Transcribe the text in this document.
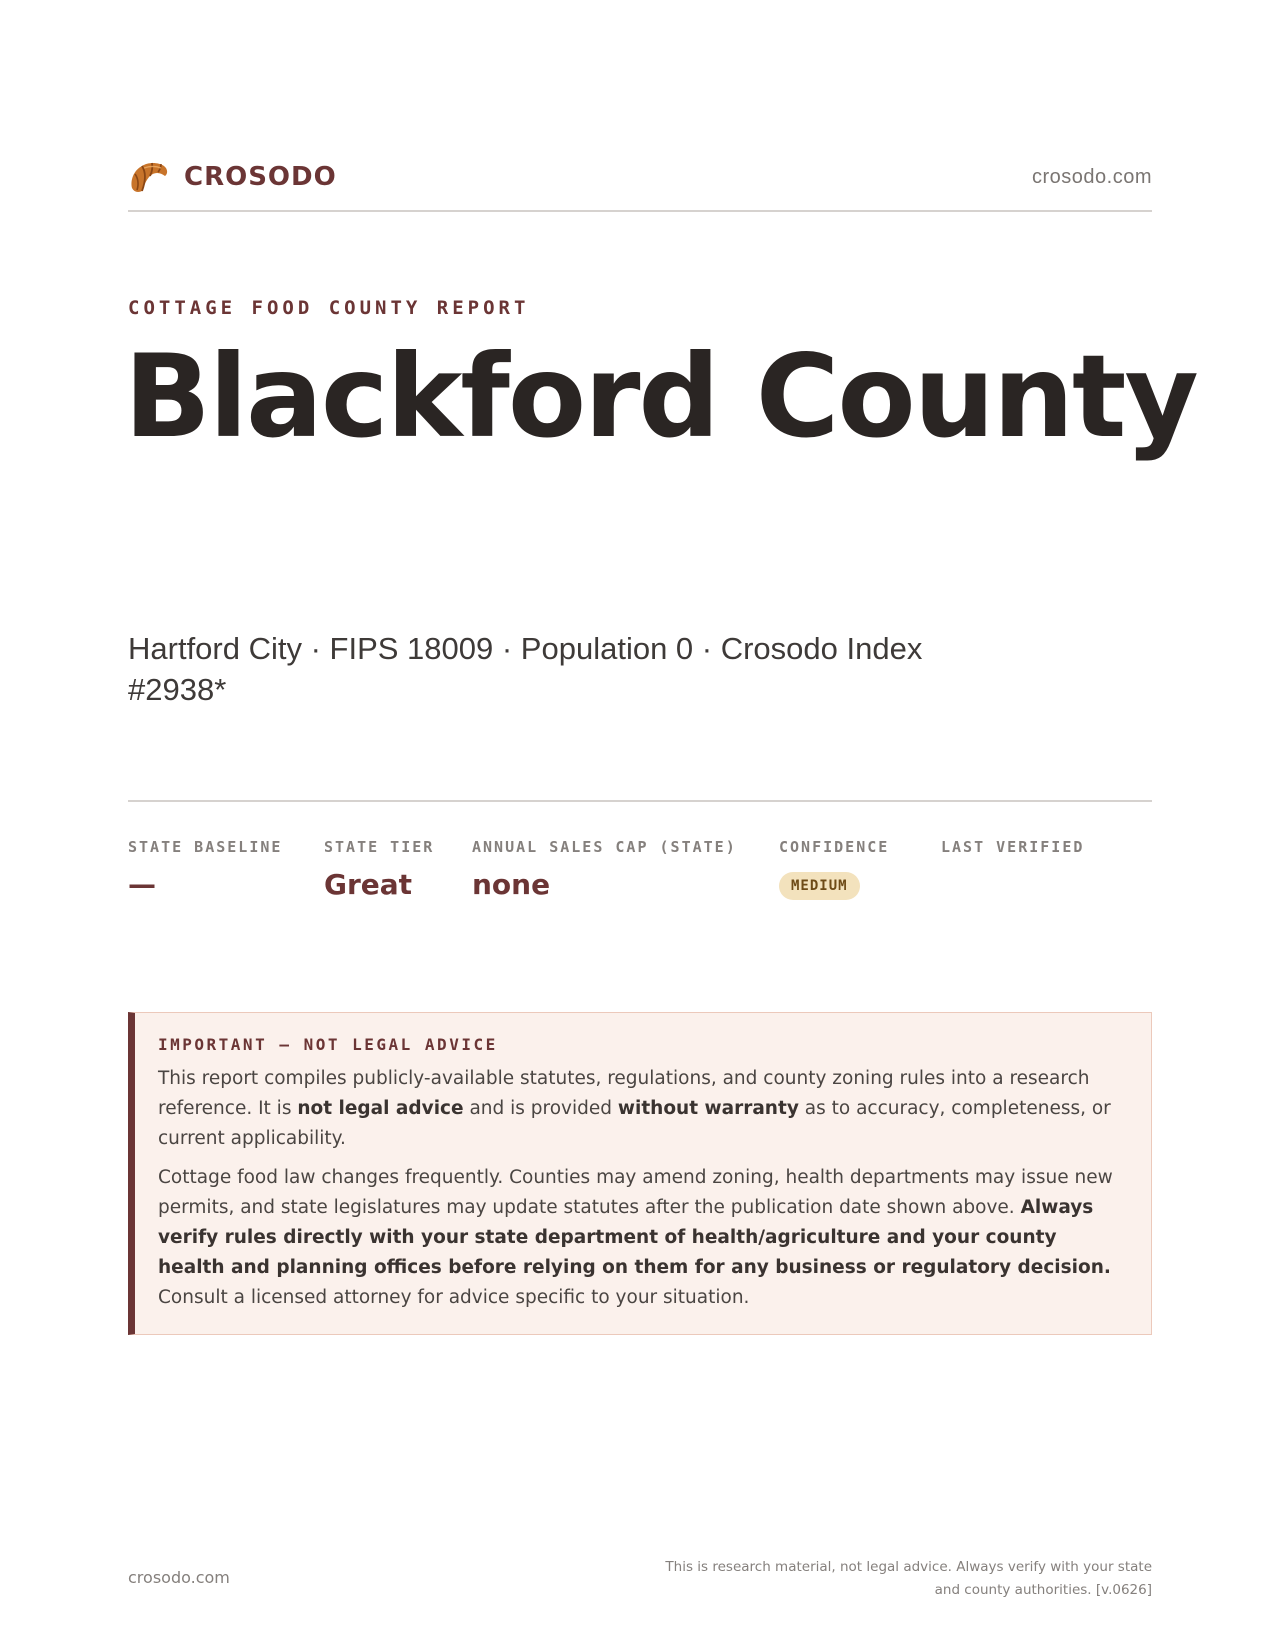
CROSODO	crosodo.com
COTTAGE FOOD COUNTY REPORT
Blackford County
Hartford City · FIPS 18009 · Population 0 · Crosodo Index #2938*
STATE BASELINE
—
STATE TIER
Great
ANNUAL SALES CAP (STATE)
none
CONFIDENCE
MEDIUM
LAST VERIFIED
IMPORTANT — NOT LEGAL ADVICE

This report compiles publicly-available statutes, regulations, and county zoning rules into a research reference. It is not legal advice and is provided without warranty as to accuracy, completeness, or current applicability.

Cottage food law changes frequently. Counties may amend zoning, health departments may issue new permits, and state legislatures may update statutes after the publication date shown above. Always verify rules directly with your state department of health/agriculture and your county health and planning offices before relying on them for any business or regulatory decision. Consult a licensed attorney for advice specific to your situation.

crosodo.com
This is research material, not legal advice. Always verify with your state
and county authorities. [v.0626]
